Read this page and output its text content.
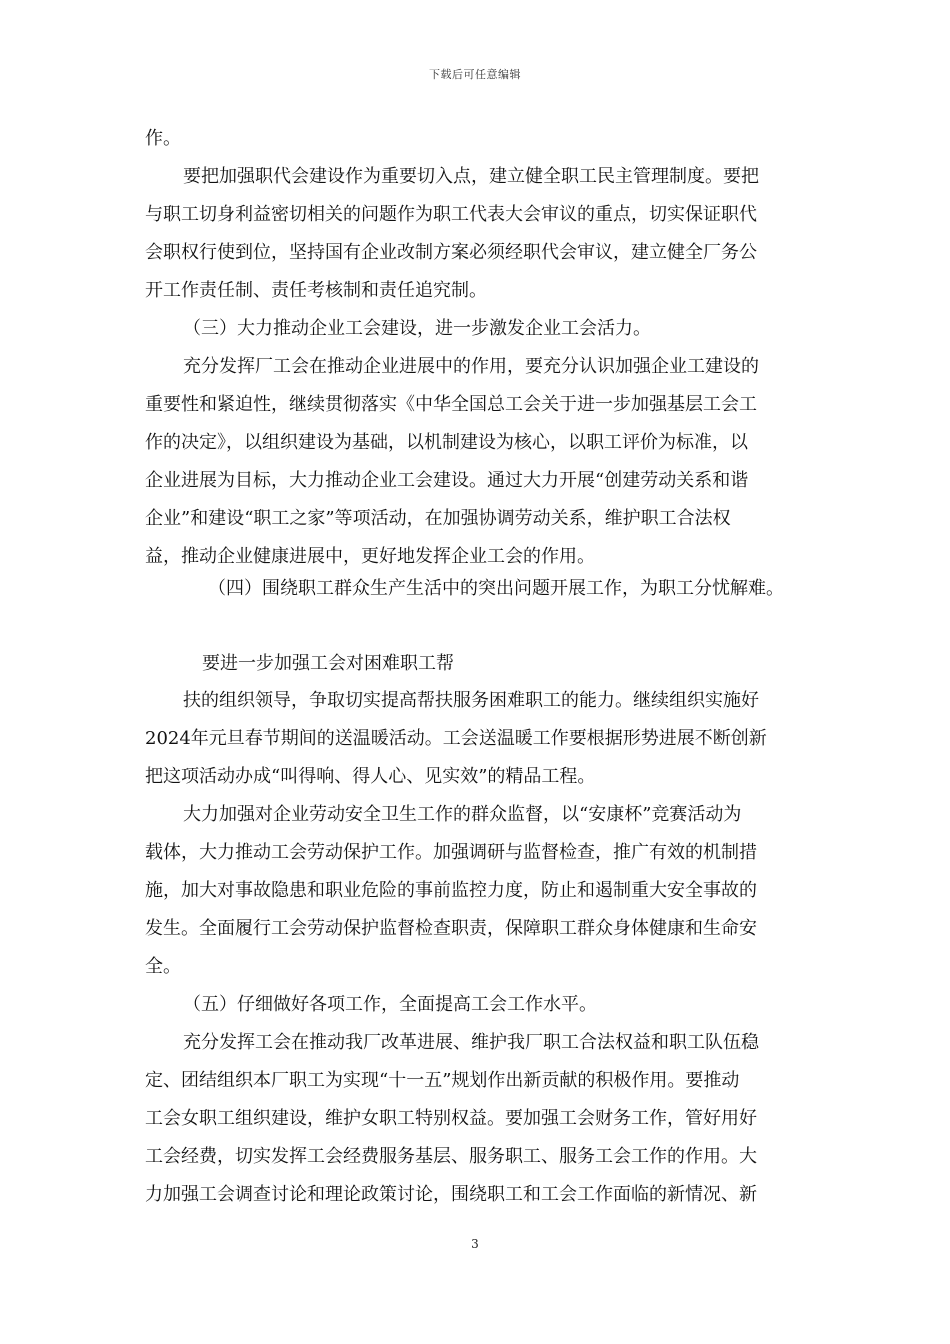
下载后可任意编辑
作。
要把加强职代会建设作为重要切入点，建立健全职工民主管理制度。要把
与职工切身利益密切相关的问题作为职工代表大会审议的重点，切实保证职代
会职权行使到位，坚持国有企业改制方案必须经职代会审议，建立健全厂务公
开工作责任制、责任考核制和责任追究制。
（三）大力推动企业工会建设，进一步激发企业工会活力。
充分发挥厂工会在推动企业进展中的作用，要充分认识加强企业工建设的
重要性和紧迫性，继续贯彻落实《中华全国总工会关于进一步加强基层工会工
作的决定》，以组织建设为基础，以机制建设为核心，以职工评价为标准，以
企业进展为目标，大力推动企业工会建设。通过大力开展“创建劳动关系和谐
企业”和建设“职工之家”等项活动，在加强协调劳动关系，维护职工合法权
益，推动企业健康进展中，更好地发挥企业工会的作用。
（四）围绕职工群众生产生活中的突出问题开展工作，为职工分忧解难。
要进一步加强工会对困难职工帮
扶的组织领导，争取切实提高帮扶服务困难职工的能力。继续组织实施好
2024年元旦春节期间的送温暖活动。工会送温暖工作要根据形势进展不断创新
把这项活动办成“叫得响、得人心、见实效”的精品工程。
大力加强对企业劳动安全卫生工作的群众监督，以“安康杯”竞赛活动为
载体，大力推动工会劳动保护工作。加强调研与监督检查，推广有效的机制措
施，加大对事故隐患和职业危险的事前监控力度，防止和遏制重大安全事故的
发生。全面履行工会劳动保护监督检查职责，保障职工群众身体健康和生命安
全。
（五）仔细做好各项工作，全面提高工会工作水平。
充分发挥工会在推动我厂改革进展、维护我厂职工合法权益和职工队伍稳
定、团结组织本厂职工为实现“十一五”规划作出新贡献的积极作用。要推动
工会女职工组织建设，维护女职工特别权益。要加强工会财务工作，管好用好
工会经费，切实发挥工会经费服务基层、服务职工、服务工会工作的作用。大
力加强工会调查讨论和理论政策讨论，围绕职工和工会工作面临的新情况、新
3
